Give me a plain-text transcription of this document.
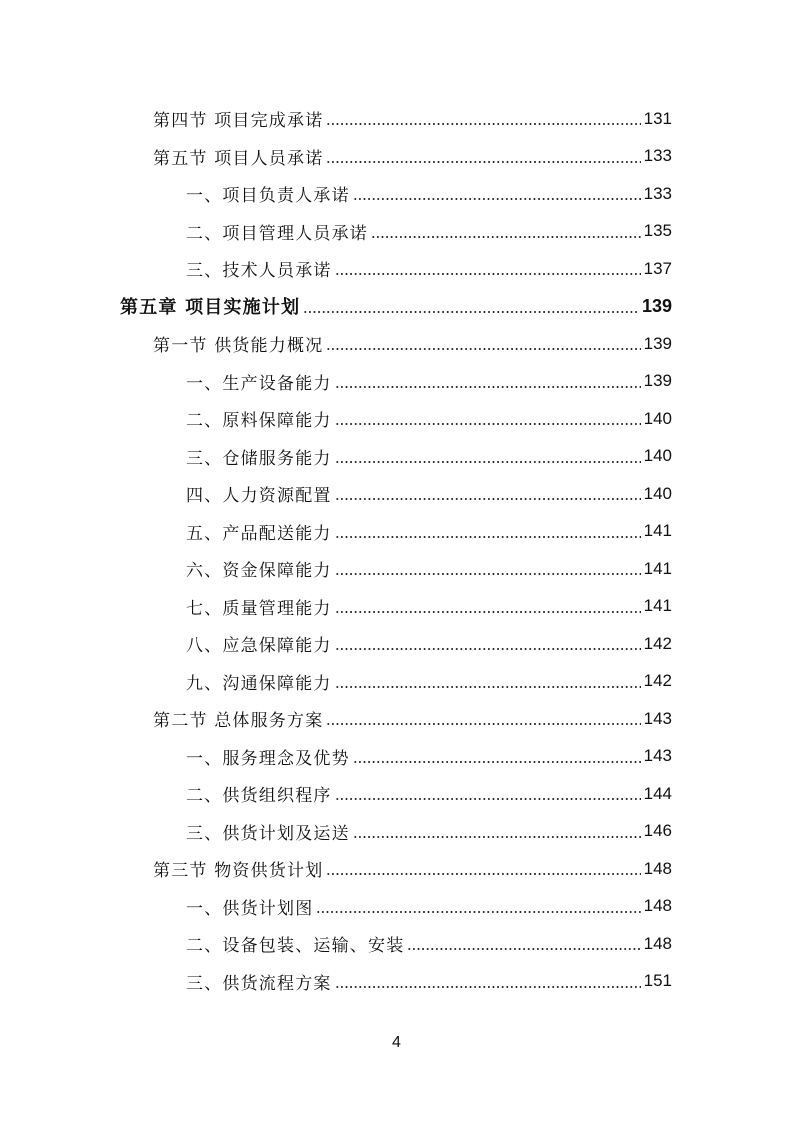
第四节 项目完成承诺	131
第五节 项目人员承诺	133
一、项目负责人承诺	133
二、项目管理人员承诺	135
三、技术人员承诺	137
第五章 项目实施计划	139
第一节 供货能力概况	139
一、生产设备能力	139
二、原料保障能力	140
三、仓储服务能力	140
四、人力资源配置	140
五、产品配送能力	141
六、资金保障能力	141
七、质量管理能力	141
八、应急保障能力	142
九、沟通保障能力	142
第二节 总体服务方案	143
一、服务理念及优势	143
二、供货组织程序	144
三、供货计划及运送	146
第三节 物资供货计划	148
一、供货计划图	148
二、设备包装、运输、安装	148
三、供货流程方案	151
4
